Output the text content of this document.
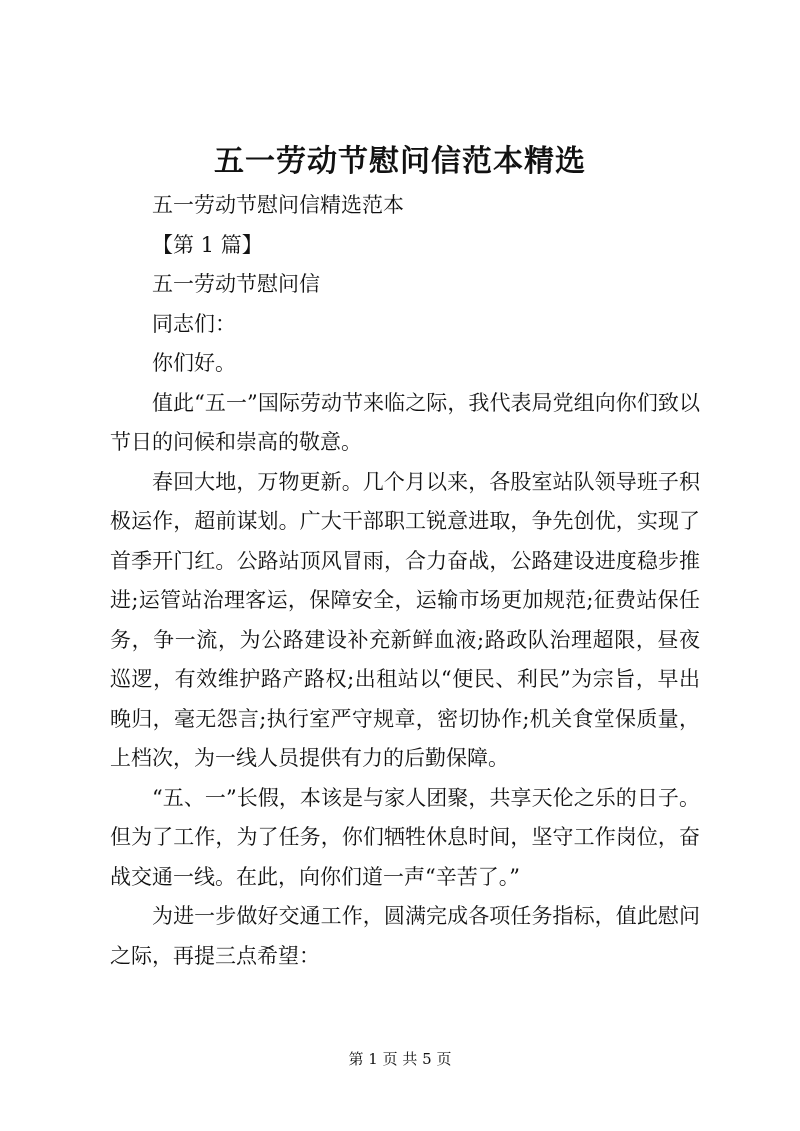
五一劳动节慰问信范本精选

五一劳动节慰问信精选范本

【第 1 篇】

五一劳动节慰问信

同志们：

你们好。

值此“五一”国际劳动节来临之际，我代表局党组向你们致以节日的问候和崇高的敬意。

春回大地，万物更新。几个月以来，各股室站队领导班子积极运作，超前谋划。广大干部职工锐意进取，争先创优，实现了首季开门红。公路站顶风冒雨，合力奋战，公路建设进度稳步推进;运管站治理客运，保障安全，运输市场更加规范;征费站保任务，争一流，为公路建设补充新鲜血液;路政队治理超限，昼夜巡逻，有效维护路产路权;出租站以“便民、利民”为宗旨，早出晚归，毫无怨言;执行室严守规章，密切协作;机关食堂保质量，上档次，为一线人员提供有力的后勤保障。

“五、一”长假，本该是与家人团聚，共享天伦之乐的日子。但为了工作，为了任务，你们牺牲休息时间，坚守工作岗位，奋战交通一线。在此，向你们道一声“辛苦了。”

为进一步做好交通工作，圆满完成各项任务指标，值此慰问之际，再提三点希望：

第 1 页 共 5 页
